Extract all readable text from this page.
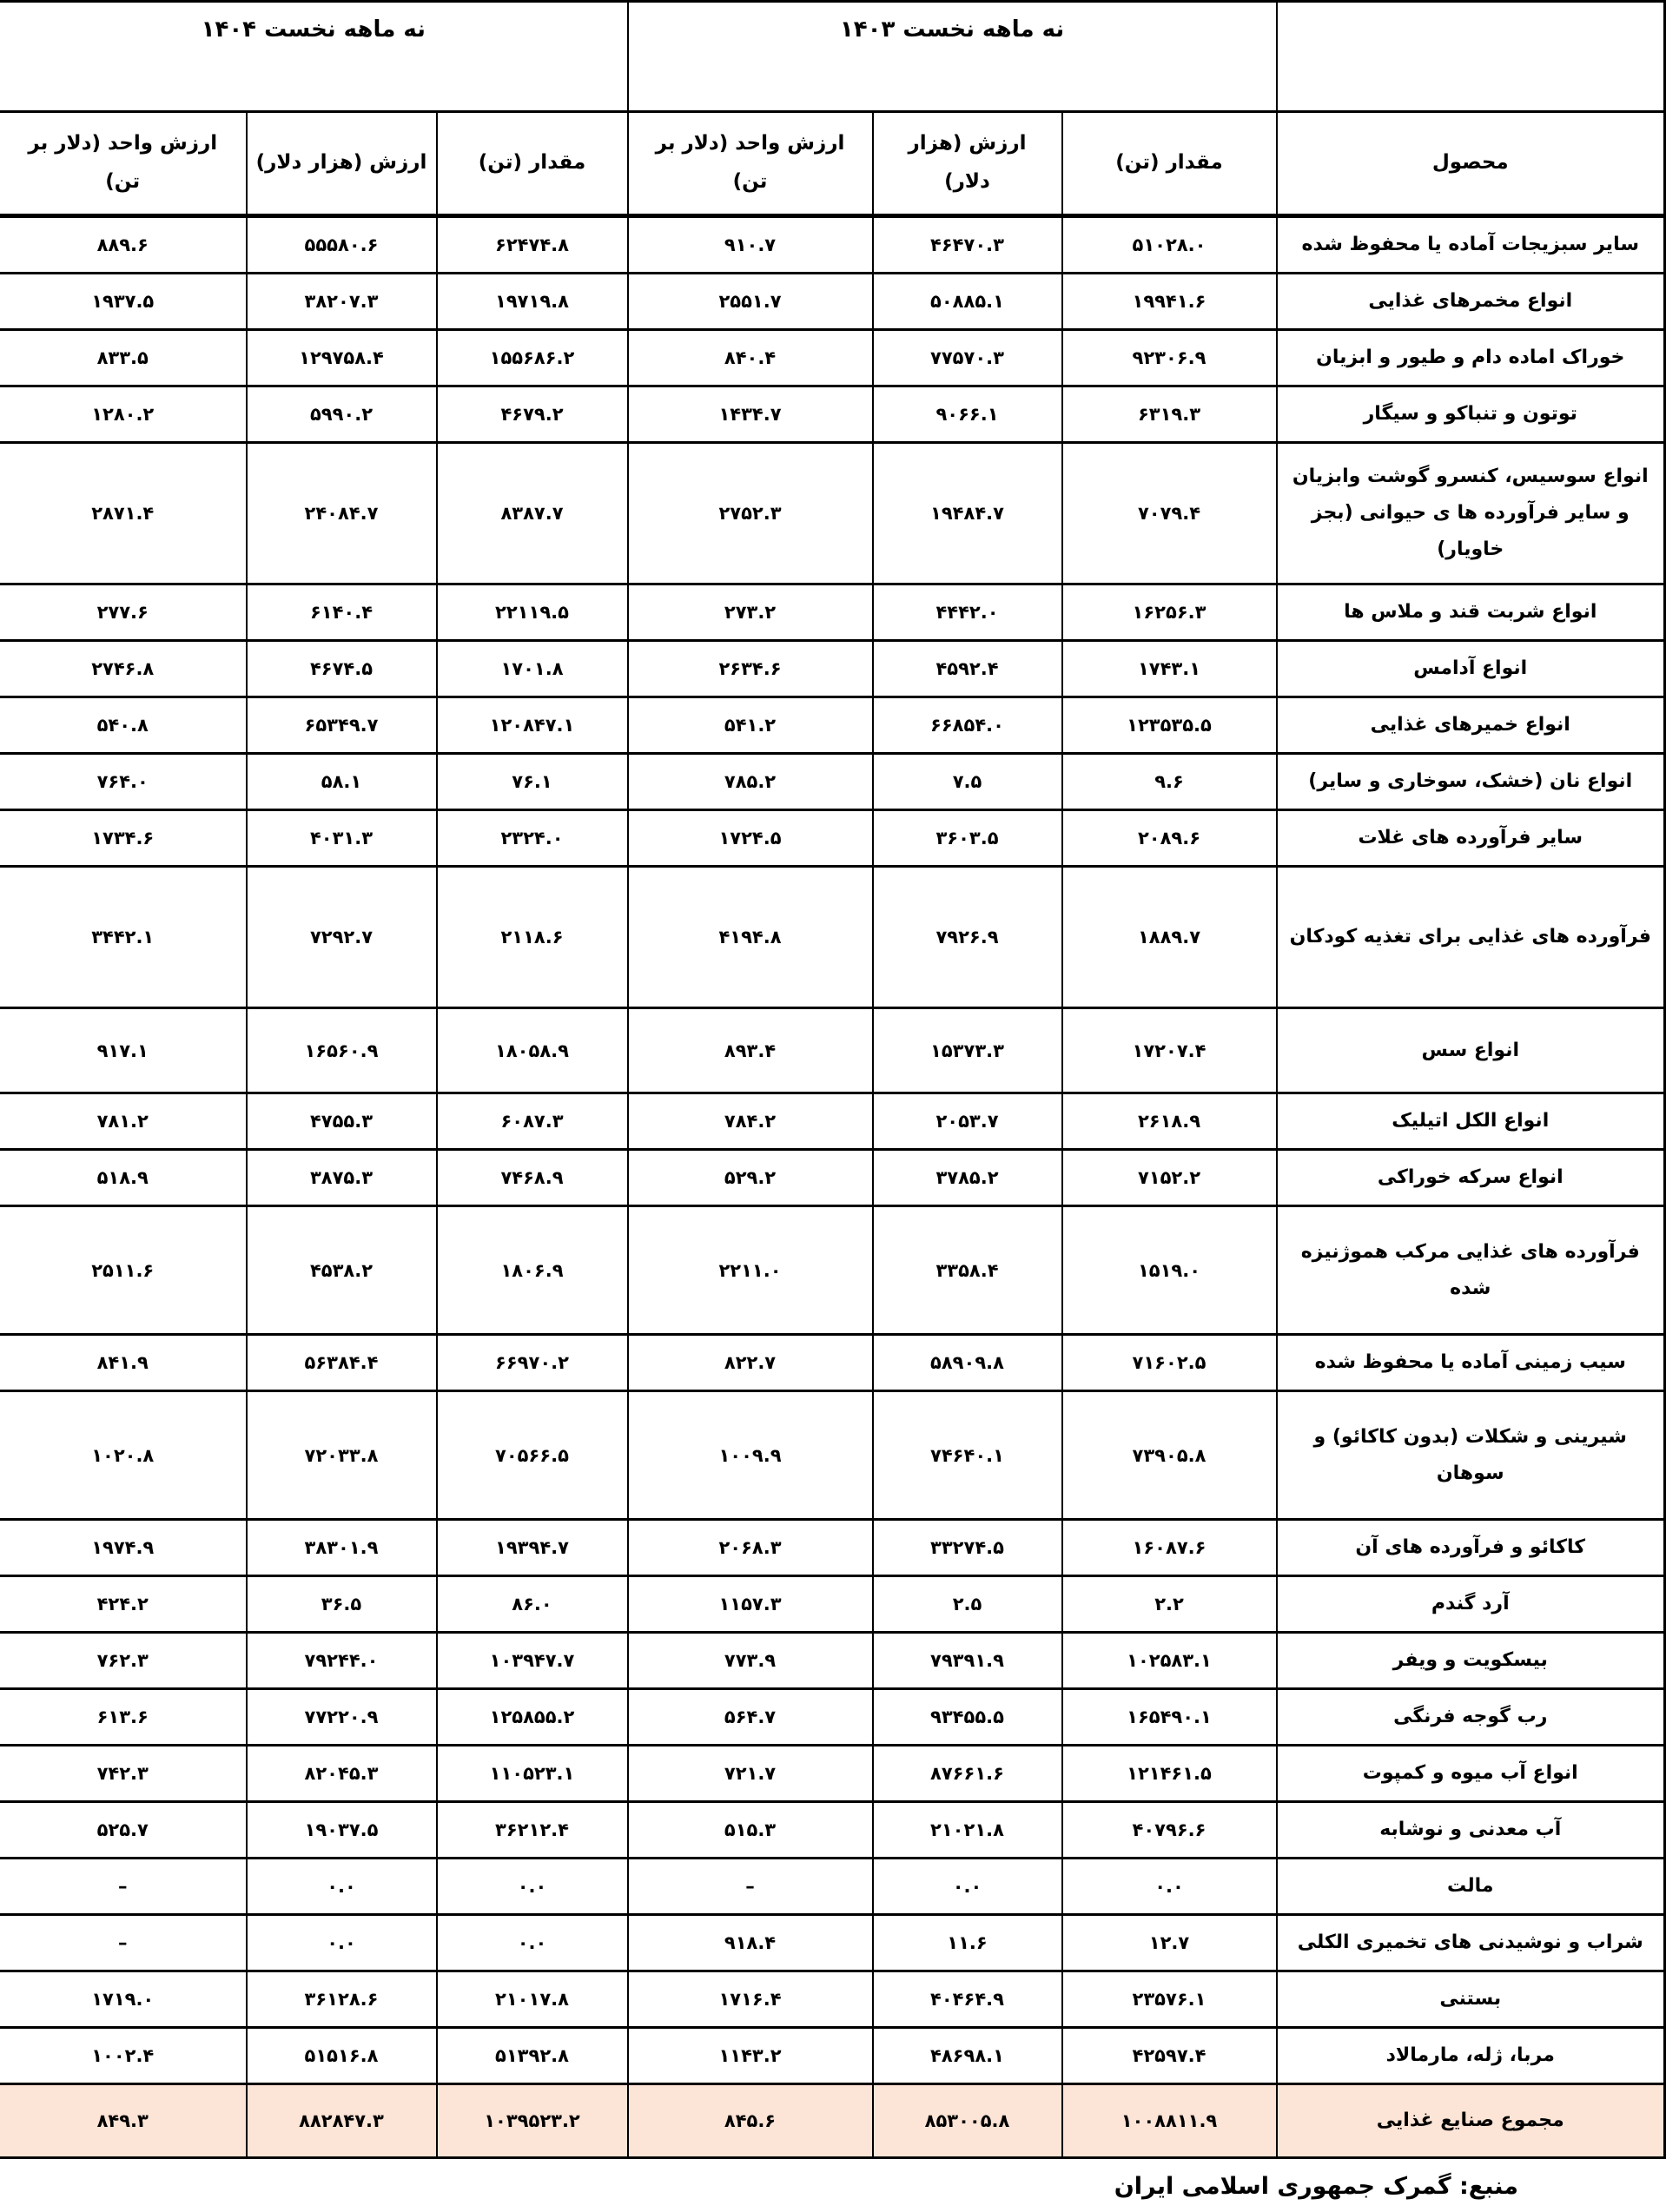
	نه ماهه نخست ۱۴۰۳			نه ماهه نخست ۱۴۰۴		
محصول	مقدار (تن)	ارزش (هزار دلار)	ارزش واحد (دلار بر تن)	مقدار (تن)	ارزش (هزار دلار)	ارزش واحد (دلار بر تن)
سایر سبزیجات آماده یا محفوظ شده	۵۱۰۲۸.۰	۴۶۴۷۰.۳	۹۱۰.۷	۶۲۴۷۴.۸	۵۵۵۸۰.۶	۸۸۹.۶
انواع مخمرهای غذایی	۱۹۹۴۱.۶	۵۰۸۸۵.۱	۲۵۵۱.۷	۱۹۷۱۹.۸	۳۸۲۰۷.۳	۱۹۳۷.۵
خوراک اماده دام و طیور و ابزیان	۹۲۳۰۶.۹	۷۷۵۷۰.۳	۸۴۰.۴	۱۵۵۶۸۶.۲	۱۲۹۷۵۸.۴	۸۳۳.۵
توتون و تنباکو و سیگار	۶۳۱۹.۳	۹۰۶۶.۱	۱۴۳۴.۷	۴۶۷۹.۲	۵۹۹۰.۲	۱۲۸۰.۲
انواع سوسیس، کنسرو گوشت وابزیان و سایر فرآورده ها ی حیوانی (بجز خاویار)	۷۰۷۹.۴	۱۹۴۸۴.۷	۲۷۵۲.۳	۸۳۸۷.۷	۲۴۰۸۴.۷	۲۸۷۱.۴
انواع شربت قند و ملاس ها	۱۶۲۵۶.۳	۴۴۴۲.۰	۲۷۳.۲	۲۲۱۱۹.۵	۶۱۴۰.۴	۲۷۷.۶
انواع آدامس	۱۷۴۳.۱	۴۵۹۲.۴	۲۶۳۴.۶	۱۷۰۱.۸	۴۶۷۴.۵	۲۷۴۶.۸
انواع خمیرهای غذایی	۱۲۳۵۳۵.۵	۶۶۸۵۴.۰	۵۴۱.۲	۱۲۰۸۴۷.۱	۶۵۳۴۹.۷	۵۴۰.۸
انواع نان (خشک، سوخاری و سایر)	۹.۶	۷.۵	۷۸۵.۲	۷۶.۱	۵۸.۱	۷۶۴.۰
سایر فرآورده های غلات	۲۰۸۹.۶	۳۶۰۳.۵	۱۷۲۴.۵	۲۳۲۴.۰	۴۰۳۱.۳	۱۷۳۴.۶
فرآورده های غذایی برای تغذیه کودکان	۱۸۸۹.۷	۷۹۲۶.۹	۴۱۹۴.۸	۲۱۱۸.۶	۷۲۹۲.۷	۳۴۴۲.۱
انواع سس	۱۷۲۰۷.۴	۱۵۳۷۳.۳	۸۹۳.۴	۱۸۰۵۸.۹	۱۶۵۶۰.۹	۹۱۷.۱
انواع الکل اتیلیک	۲۶۱۸.۹	۲۰۵۳.۷	۷۸۴.۲	۶۰۸۷.۳	۴۷۵۵.۳	۷۸۱.۲
انواع سرکه خوراکی	۷۱۵۲.۲	۳۷۸۵.۲	۵۲۹.۲	۷۴۶۸.۹	۳۸۷۵.۳	۵۱۸.۹
فرآورده های غذایی مرکب هموژنیزه شده	۱۵۱۹.۰	۳۳۵۸.۴	۲۲۱۱.۰	۱۸۰۶.۹	۴۵۳۸.۲	۲۵۱۱.۶
سیب زمینی آماده یا محفوظ شده	۷۱۶۰۲.۵	۵۸۹۰۹.۸	۸۲۲.۷	۶۶۹۷۰.۲	۵۶۳۸۴.۴	۸۴۱.۹
شیرینی و شکلات (بدون کاکائو) و سوهان	۷۳۹۰۵.۸	۷۴۶۴۰.۱	۱۰۰۹.۹	۷۰۵۶۶.۵	۷۲۰۳۳.۸	۱۰۲۰.۸
کاکائو و فرآورده های آن	۱۶۰۸۷.۶	۳۳۲۷۴.۵	۲۰۶۸.۳	۱۹۳۹۴.۷	۳۸۳۰۱.۹	۱۹۷۴.۹
آرد گندم	۲.۲	۲.۵	۱۱۵۷.۳	۸۶.۰	۳۶.۵	۴۲۴.۲
بیسکویت و ویفر	۱۰۲۵۸۳.۱	۷۹۳۹۱.۹	۷۷۳.۹	۱۰۳۹۴۷.۷	۷۹۲۴۴.۰	۷۶۲.۳
رب گوجه فرنگی	۱۶۵۴۹۰.۱	۹۳۴۵۵.۵	۵۶۴.۷	۱۲۵۸۵۵.۲	۷۷۲۲۰.۹	۶۱۳.۶
انواع آب میوه و کمپوت	۱۲۱۴۶۱.۵	۸۷۶۶۱.۶	۷۲۱.۷	۱۱۰۵۲۳.۱	۸۲۰۴۵.۳	۷۴۲.۳
آب معدنی و نوشابه	۴۰۷۹۶.۶	۲۱۰۲۱.۸	۵۱۵.۳	۳۶۲۱۲.۴	۱۹۰۳۷.۵	۵۲۵.۷
مالت	۰.۰	۰.۰	–	۰.۰	۰.۰	–
شراب و نوشیدنی های تخمیری الکلی	۱۲.۷	۱۱.۶	۹۱۸.۴	۰.۰	۰.۰	–
بستنی	۲۳۵۷۶.۱	۴۰۴۶۴.۹	۱۷۱۶.۴	۲۱۰۱۷.۸	۳۶۱۲۸.۶	۱۷۱۹.۰
مربا، ژله، مارمالاد	۴۲۵۹۷.۴	۴۸۶۹۸.۱	۱۱۴۳.۲	۵۱۳۹۲.۸	۵۱۵۱۶.۸	۱۰۰۲.۴
مجموع صنایع غذایی	۱۰۰۸۸۱۱.۹	۸۵۳۰۰۵.۸	۸۴۵.۶	۱۰۳۹۵۲۳.۲	۸۸۲۸۴۷.۳	۸۴۹.۳
منبع: گمرک جمهوری اسلامی ایران
